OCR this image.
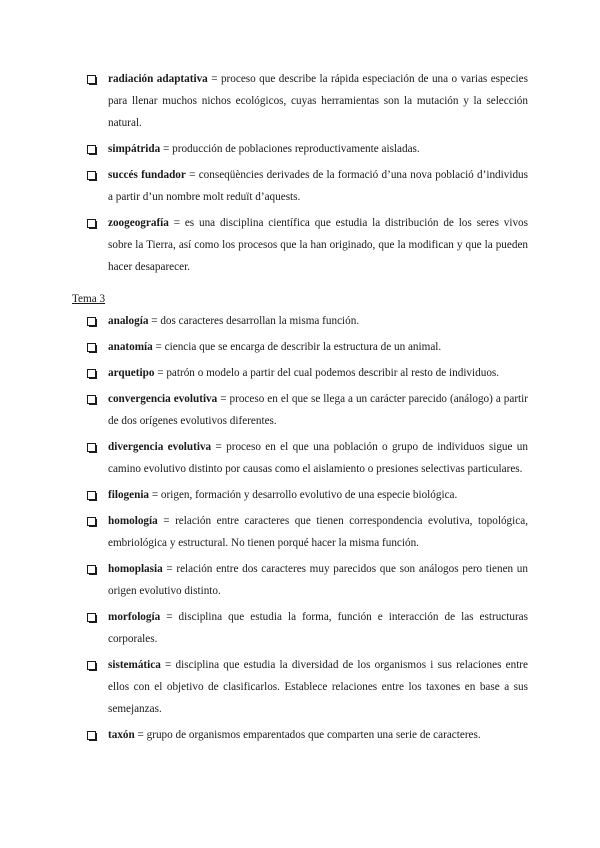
radiación adaptativa = proceso que describe la rápida especiación de una o varias especies para llenar muchos nichos ecológicos, cuyas herramientas son la mutación y la selección natural.

simpátrida = producción de poblaciones reproductivamente aisladas.

succés fundador = conseqüències derivades de la formació d’una nova població d’individus a partir d’un nombre molt reduït d’aquests.

zoogeografía = es una disciplina científica que estudia la distribución de los seres vivos sobre la Tierra, así como los procesos que la han originado, que la modifican y que la pueden hacer desaparecer.

Tema 3

analogía = dos caracteres desarrollan la misma función.

anatomía = ciencia que se encarga de describir la estructura de un animal.

arquetipo = patrón o modelo a partir del cual podemos describir al resto de individuos.

convergencia evolutiva = proceso en el que se llega a un carácter parecido (análogo) a partir de dos orígenes evolutivos diferentes.

divergencia evolutiva = proceso en el que una población o grupo de individuos sigue un camino evolutivo distinto por causas como el aislamiento o presiones selectivas particulares.

filogenia = origen, formación y desarrollo evolutivo de una especie biológica.

homología = relación entre caracteres que tienen correspondencia evolutiva, topológica, embriológica y estructural. No tienen porqué hacer la misma función.

homoplasia = relación entre dos caracteres muy parecidos que son análogos pero tienen un origen evolutivo distinto.

morfología = disciplina que estudia la forma, función e interacción de las estructuras corporales.

sistemática = disciplina que estudia la diversidad de los organismos i sus relaciones entre ellos con el objetivo de clasificarlos. Establece relaciones entre los taxones en base a sus semejanzas.

taxón = grupo de organismos emparentados que comparten una serie de caracteres.
